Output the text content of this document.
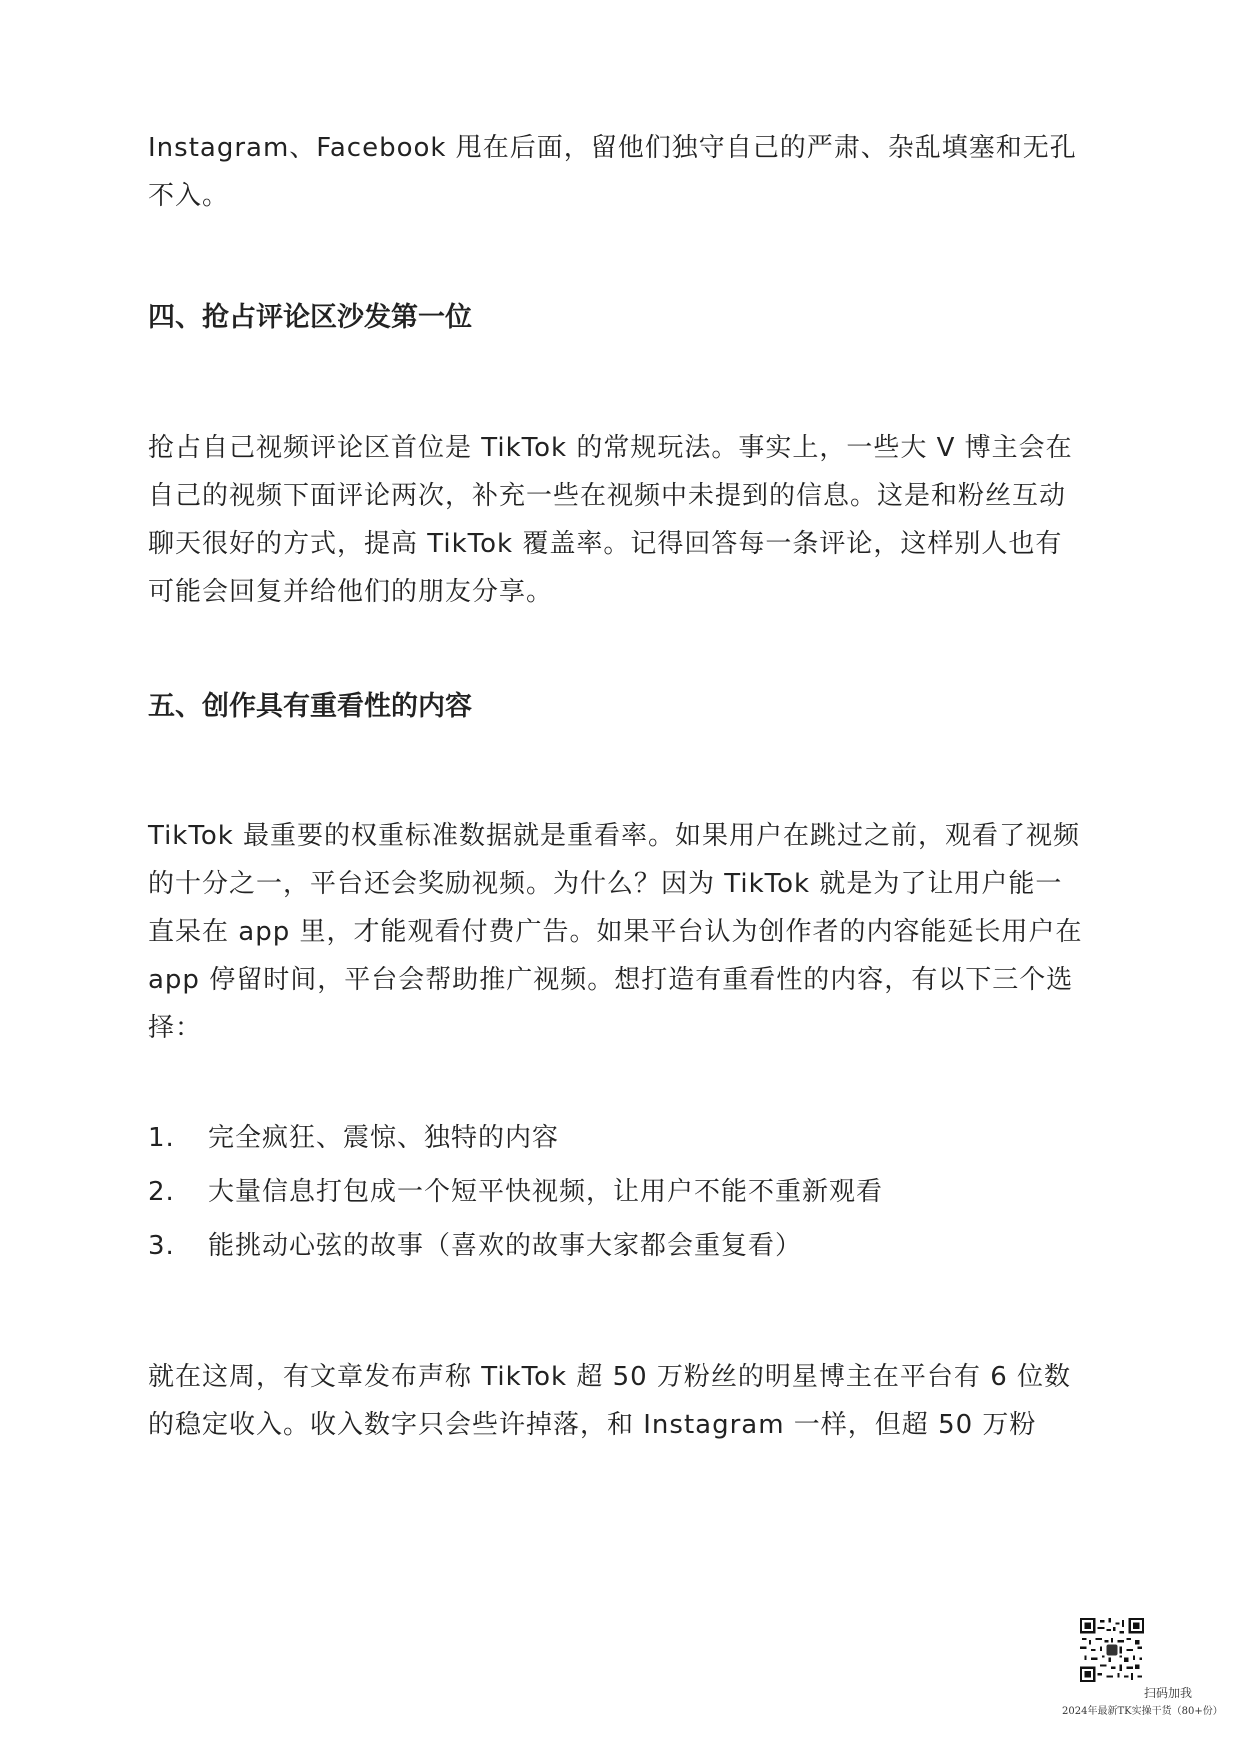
Instagram、Facebook 甩在后面，留他们独守自己的严肃、杂乱填塞和无孔不入。

四、抢占评论区沙发第一位

抢占自己视频评论区首位是 TikTok 的常规玩法。事实上，一些大 V 博主会在自己的视频下面评论两次，补充一些在视频中未提到的信息。这是和粉丝互动聊天很好的方式，提高 TikTok 覆盖率。记得回答每一条评论，这样别人也有可能会回复并给他们的朋友分享。

五、创作具有重看性的内容

TikTok 最重要的权重标准数据就是重看率。如果用户在跳过之前，观看了视频的十分之一，平台还会奖励视频。为什么？因为 TikTok 就是为了让用户能一直呆在 app 里，才能观看付费广告。如果平台认为创作者的内容能延长用户在 app 停留时间，平台会帮助推广视频。想打造有重看性的内容，有以下三个选择：

1. 完全疯狂、震惊、独特的内容
2. 大量信息打包成一个短平快视频，让用户不能不重新观看
3. 能挑动心弦的故事（喜欢的故事大家都会重复看）

就在这周，有文章发布声称 TikTok 超 50 万粉丝的明星博主在平台有 6 位数的稳定收入。收入数字只会些许掉落，和 Instagram 一样，但超 50 万粉

扫码加我
2024年最新TK实操干货（80+份）
